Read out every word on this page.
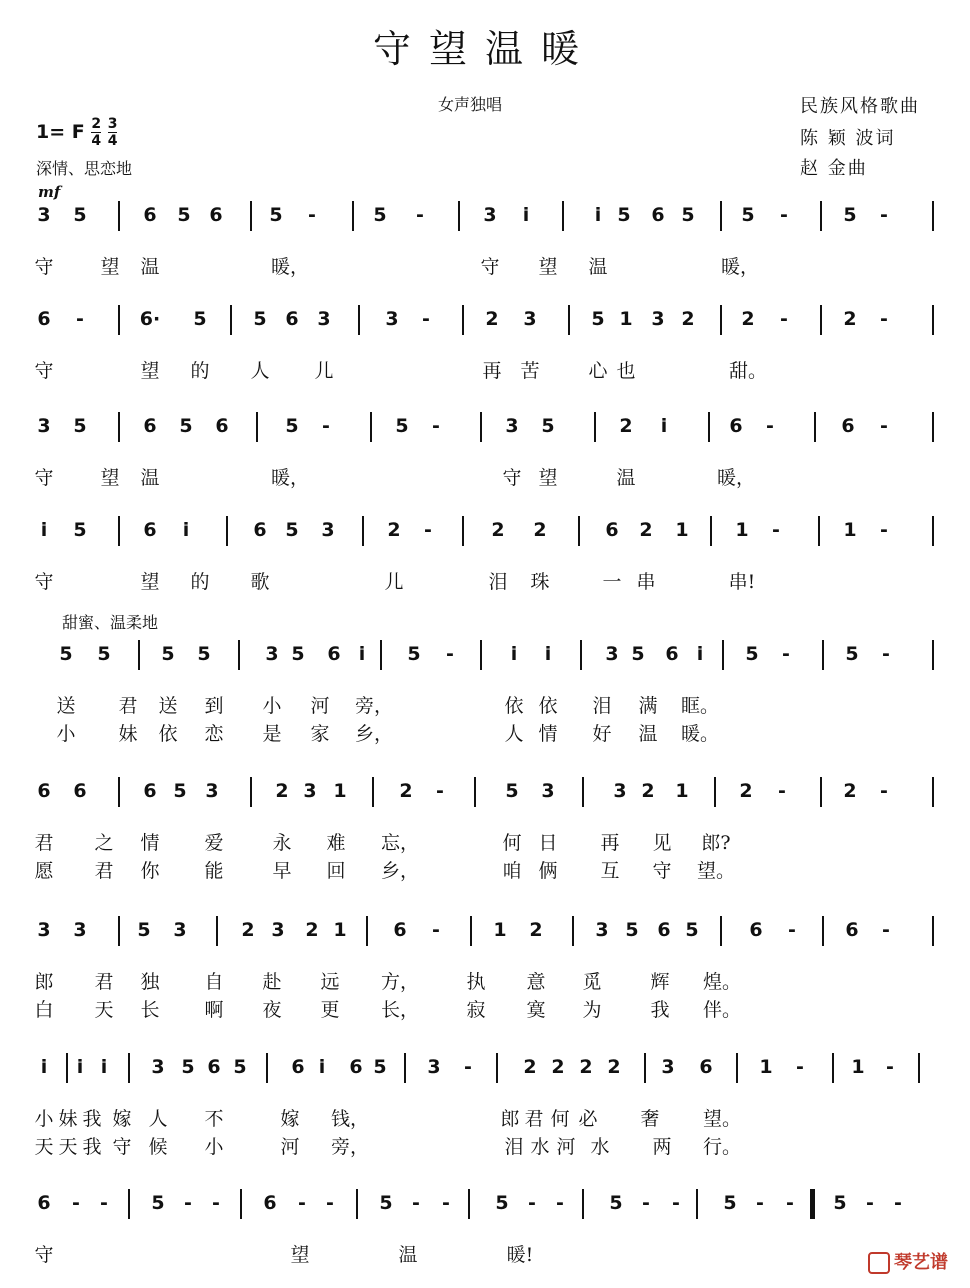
守望温暖
女声独唱	民族风格歌曲
陈 颖 波词
赵 金曲
1= F $\frac{2}{4}$
$\frac{3}{4}$
深情、思恋地
mf
甜蜜、温柔地
3 5	6 5 6 5 -	5 -	3 i	i 5 6 5 5 -	5 -
守 望 温	暖，	守 望 温	暖，
6 -	6· 5 5 6 3	3 -	2 3	5 1 3 2 2 -	2 -
守	望 的 人 儿	再 苦	心 也	甜。
3 5	6 5 6	5 -	5 -	3 5	2 i	6 -	6 -
守 望 温	暖，	守 望	温	暖，
i 5	6 i	6 5 3	2 -	2 2	6 2 1 1 -	1 -
守	望 的 歌	儿	泪 珠	一 串	串!
5 5	5 5	3 5 6 i 5 -	i i	3 5 6 i 5 -	5 -
送 君 送 到 小 河 旁，	依 依 泪 满 眶。
小 妹 依 恋 是 家 乡，	人 情 好 温 暖。
6 6	6 5 3	2 3 1	2 -	5 3	3 2 1	2 -	2 -
君 之 情 爱	永 难 忘，	何 日 再 见 郎?
愿 君 你 能	早 回 乡，	咱 俩 互 守 望。
3 3	5 3	2 3 2 1 6 -	1 2	3 5 6 5	6 -	6 -
郎 君 独 自 赴 远 方， 执 意 觅	辉 煌。
白 天 长 啊 夜 更 长， 寂 寞 为	我 伴。
i i i 3 5 6 5 6 i 6 5 3 -	2 2 2 2 3 6 1 - 1 -
小 妹 我 嫁 人 不	嫁 钱，	郎 君 何 必 奢 望。
天 天 我 守 候 小	河 旁，	泪 水 河 水 两 行。
6 - - 5 - - 6 - - 5 - - 5 - - 5 - - 5 - - 5 - -
守	望	温	暖!	琴艺谱
